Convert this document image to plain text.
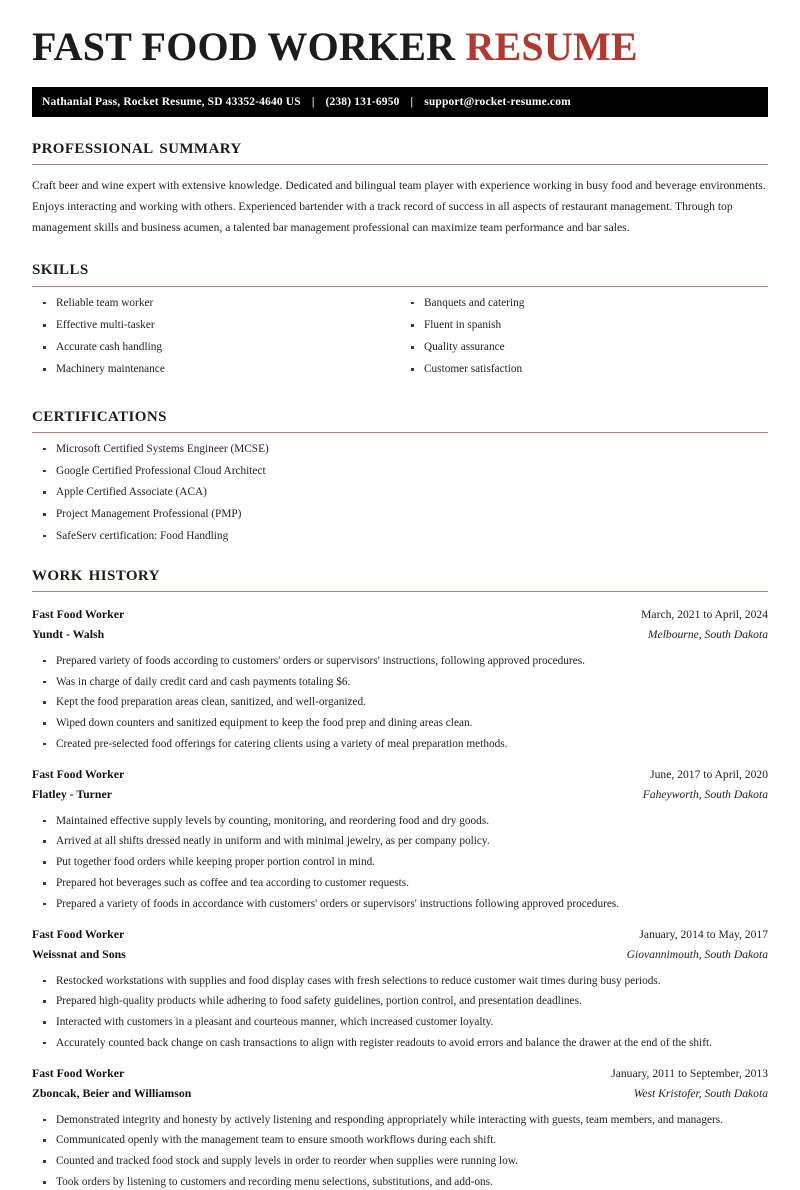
FAST FOOD WORKER RESUME
Nathanial Pass, Rocket Resume, SD 43352-4640 US | (238) 131-6950 | support@rocket-resume.com
professional summary
Craft beer and wine expert with extensive knowledge. Dedicated and bilingual team player with experience working in busy food and beverage environments. Enjoys interacting and working with others. Experienced bartender with a track record of success in all aspects of restaurant management. Through top management skills and business acumen, a talented bar management professional can maximize team performance and bar sales.
skills
Reliable team worker
Effective multi-tasker
Accurate cash handling
Machinery maintenance
Banquets and catering
Fluent in spanish
Quality assurance
Customer satisfaction
certifications
Microsoft Certified Systems Engineer (MCSE)
Google Certified Professional Cloud Architect
Apple Certified Associate (ACA)
Project Management Professional (PMP)
SafeServ certification: Food Handling
work history
Fast Food Worker	March, 2021 to April, 2024
Yundt - Walsh	Melbourne, South Dakota
Prepared variety of foods according to customers' orders or supervisors' instructions, following approved procedures.
Was in charge of daily credit card and cash payments totaling $6.
Kept the food preparation areas clean, sanitized, and well-organized.
Wiped down counters and sanitized equipment to keep the food prep and dining areas clean.
Created pre-selected food offerings for catering clients using a variety of meal preparation methods.
Fast Food Worker	June, 2017 to April, 2020
Flatley - Turner	Faheyworth, South Dakota
Maintained effective supply levels by counting, monitoring, and reordering food and dry goods.
Arrived at all shifts dressed neatly in uniform and with minimal jewelry, as per company policy.
Put together food orders while keeping proper portion control in mind.
Prepared hot beverages such as coffee and tea according to customer requests.
Prepared a variety of foods in accordance with customers' orders or supervisors' instructions following approved procedures.
Fast Food Worker	January, 2014 to May, 2017
Weissnat and Sons	Giovannimouth, South Dakota
Restocked workstations with supplies and food display cases with fresh selections to reduce customer wait times during busy periods.
Prepared high-quality products while adhering to food safety guidelines, portion control, and presentation deadlines.
Interacted with customers in a pleasant and courteous manner, which increased customer loyalty.
Accurately counted back change on cash transactions to align with register readouts to avoid errors and balance the drawer at the end of the shift.
Fast Food Worker	January, 2011 to September, 2013
Zboncak, Beier and Williamson	West Kristofer, South Dakota
Demonstrated integrity and honesty by actively listening and responding appropriately while interacting with guests, team members, and managers.
Communicated openly with the management team to ensure smooth workflows during each shift.
Counted and tracked food stock and supply levels in order to reorder when supplies were running low.
Took orders by listening to customers and recording menu selections, substitutions, and add-ons.
